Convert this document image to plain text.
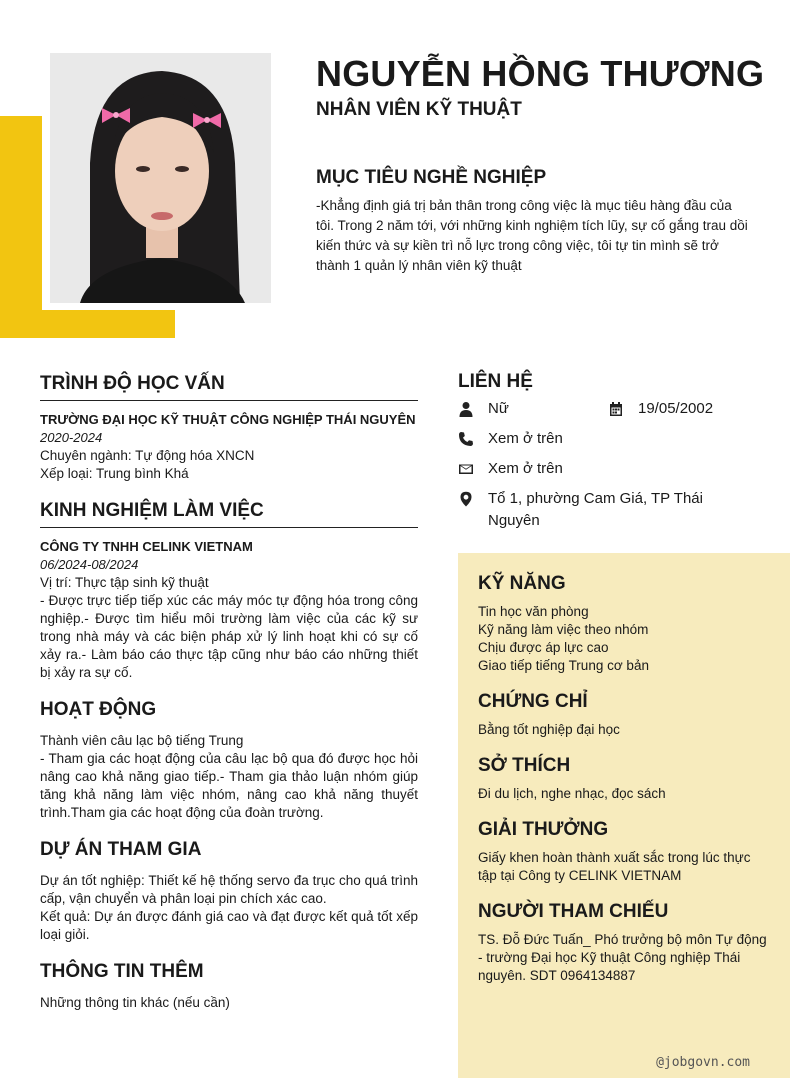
NGUYỄN HỒNG THƯƠNG
NHÂN VIÊN KỸ THUẬT
MỤC TIÊU NGHỀ NGHIỆP

-Khẳng định giá trị bản thân trong công việc là mục tiêu hàng đầu của tôi. Trong 2 năm tới, với những kinh nghiệm tích lũy, sự cố gắng trau dồi kiến thức và sự kiền trì nỗ lực trong công việc, tôi tự tin mình sẽ trở thành 1 quản lý nhân viên kỹ thuật

TRÌNH ĐỘ HỌC VẤN
TRƯỜNG ĐẠI HỌC KỸ THUẬT CÔNG NGHIỆP THÁI NGUYÊN
2020-2024
Chuyên ngành: Tự động hóa XNCN
Xếp loại: Trung bình Khá
KINH NGHIỆM LÀM VIỆC
CÔNG TY TNHH CELINK VIETNAM
06/2024-08/2024
Vị trí: Thực tập sinh kỹ thuật
- Được trực tiếp tiếp xúc các máy móc tự động hóa trong công nghiệp.- Được tìm hiểu môi trường làm việc của các kỹ sư trong nhà máy và các biện pháp xử lý linh hoạt khi có sự cố xảy ra.- Làm báo cáo thực tập cũng như báo cáo những thiết bị xảy ra sự cố.
HOẠT ĐỘNG
Thành viên câu lạc bộ tiếng Trung
- Tham gia các hoạt động của câu lạc bộ qua đó được học hỏi nâng cao khả năng giao tiếp.- Tham gia thảo luận nhóm giúp tăng khả năng làm việc nhóm, nâng cao khả năng thuyết trình.Tham gia các hoạt động của đoàn trường.
DỰ ÁN THAM GIA
Dự án tốt nghiệp: Thiết kế hệ thống servo đa trục cho quá trình cấp, vận chuyển và phân loại pin chích xác cao.
Kết quả: Dự án được đánh giá cao và đạt được kết quả tốt xếp loại giỏi.
THÔNG TIN THÊM
Những thông tin khác (nếu cần)
LIÊN HỆ
Nữ	19/05/2002
Xem ở trên
Xem ở trên
Tổ 1, phường Cam Giá, TP Thái Nguyên
KỸ NĂNG
Tin học văn phòng
Kỹ năng làm việc theo nhóm
Chịu được áp lực cao
Giao tiếp tiếng Trung cơ bản
CHỨNG CHỈ
Bằng tốt nghiệp đại học
SỞ THÍCH
Đi du lịch, nghe nhạc, đọc sách
GIẢI THƯỞNG
Giấy khen hoàn thành xuất sắc trong lúc thực tập tại Công ty CELINK VIETNAM
NGƯỜI THAM CHIẾU
TS. Đỗ Đức Tuấn_ Phó trưởng bộ môn Tự động - trường Đại học Kỹ thuật Công nghiệp Thái nguyên. SDT 0964134887
@jobgovn.com
